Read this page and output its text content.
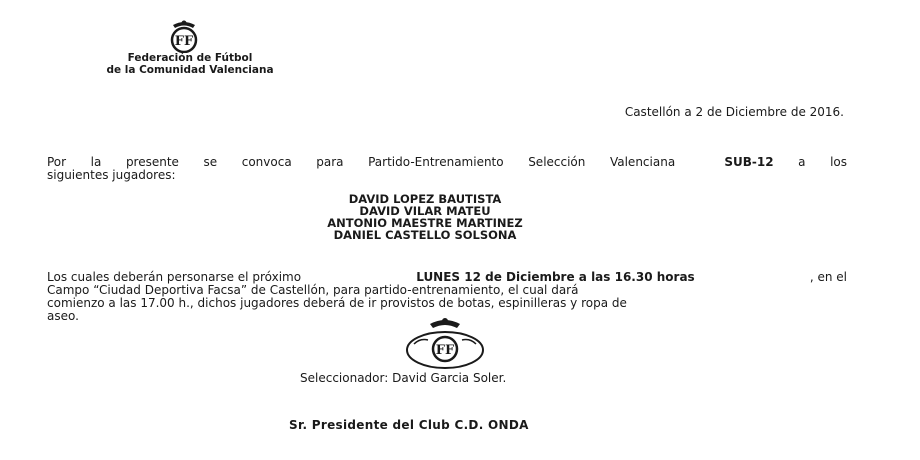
FF
Federación de Fútbol
de la Comunidad Valenciana
Castellón a 2 de Diciembre de 2016.
Por la presente se convoca para Partido-Entrenamiento Selección Valenciana	SUB-12 a los
siguientes jugadores:
DAVID LOPEZ BAUTISTA
DAVID VILAR MATEU
ANTONIO MAESTRE MARTINEZ
DANIEL CASTELLO SOLSONA
Los cuales deberán personarse el próximo	LUNES 12 de Diciembre a las 16.30 horas	, en el
Campo “Ciudad Deportiva Facsa” de Castellón, para partido-entrenamiento, el cual dará
comienzo a las 17.00 h., dichos jugadores deberá de ir provistos de botas, espinilleras y ropa de
aseo.
FF
Seleccionador: David Garcia Soler.
Sr. Presidente del Club C.D. ONDA
